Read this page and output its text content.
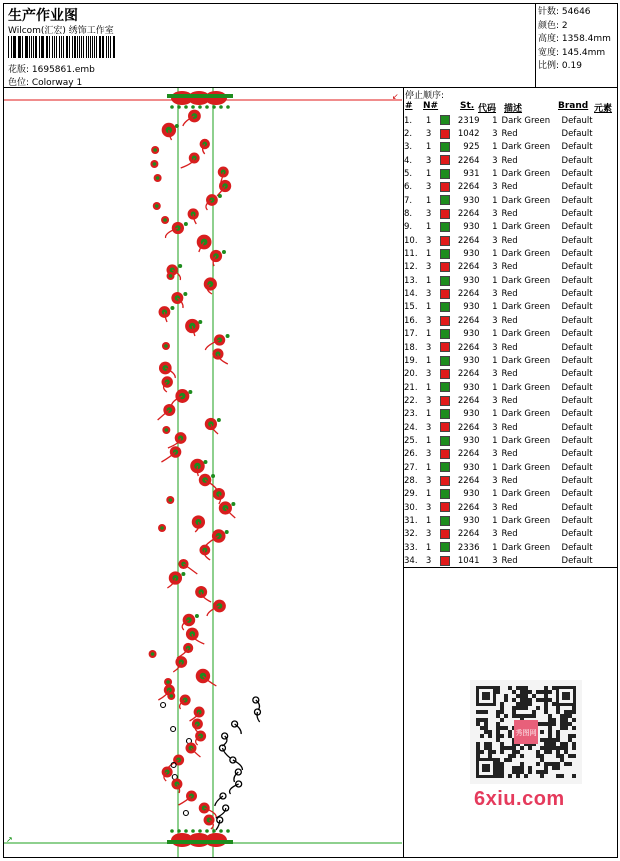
生产作业图
Wilcom(汇宏) 绣饰工作室
花版: 1695861.emb
色位: Colorway 1
针数: 54646
颜色: 2
高度: 1358.4mm
宽度: 145.4mm
比例: 0.19
停止顺序:
# N# St. 代码 描述	Brand 元素
1.	1		2319	1	Dark Green	Default
2.	3		1042	3	Red	Default
3.	1		925	1	Dark Green	Default
4.	3		2264	3	Red	Default
5.	1		931	1	Dark Green	Default
6.	3		2264	3	Red	Default
7.	1		930	1	Dark Green	Default
8.	3		2264	3	Red	Default
9.	1		930	1	Dark Green	Default
10.	3		2264	3	Red	Default
11.	1		930	1	Dark Green	Default
12.	3		2264	3	Red	Default
13.	1		930	1	Dark Green	Default
14.	3		2264	3	Red	Default
15.	1		930	1	Dark Green	Default
16.	3		2264	3	Red	Default
17.	1		930	1	Dark Green	Default
18.	3		2264	3	Red	Default
19.	1		930	1	Dark Green	Default
20.	3		2264	3	Red	Default
21.	1		930	1	Dark Green	Default
22.	3		2264	3	Red	Default
23.	1		930	1	Dark Green	Default
24.	3		2264	3	Red	Default
25.	1		930	1	Dark Green	Default
26.	3		2264	3	Red	Default
27.	1		930	1	Dark Green	Default
28.	3		2264	3	Red	Default
29.	1		930	1	Dark Green	Default
30.	3		2264	3	Red	Default
31.	1		930	1	Dark Green	Default
32.	3		2264	3	Red	Default
33.	1		2336	1	Dark Green	Default
34.	3		1041	3	Red	Default
秀图网
6xiu.com
↙
↗
